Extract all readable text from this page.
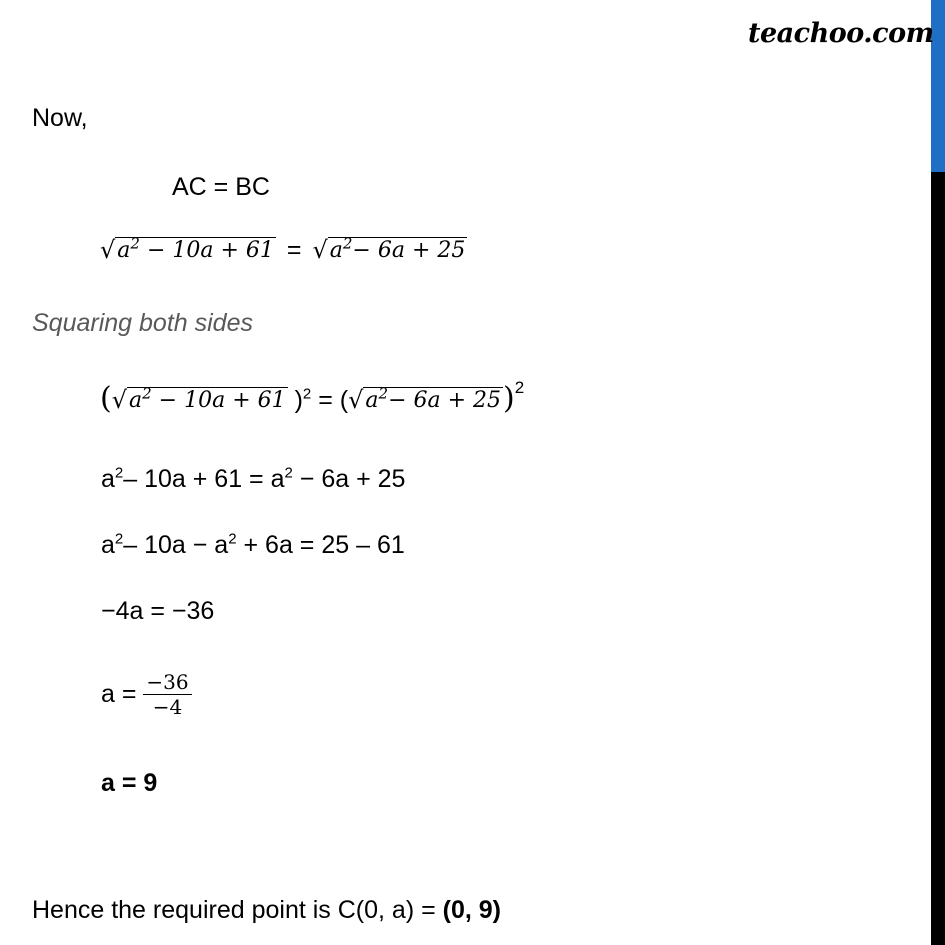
teachoo.com
Now,
AC = BC
√ $a^2 - 10a + 61$ = √ $a^2- 6a + 25$
Squaring both sides
( √ $a^2 - 10a + 61$ )$^2$ = ( √ $a^2- 6a + 25$ )$^2$
$a^2-$ $10a + 61 = a^2 - 6a + 25$
$a^2-$ $10a - a^2 + 6a = 25 - 61$
−4a = −36
$a = \frac{-36}{-4}$
a = 9
Hence the required point is C(0, a) = (0, 9)
